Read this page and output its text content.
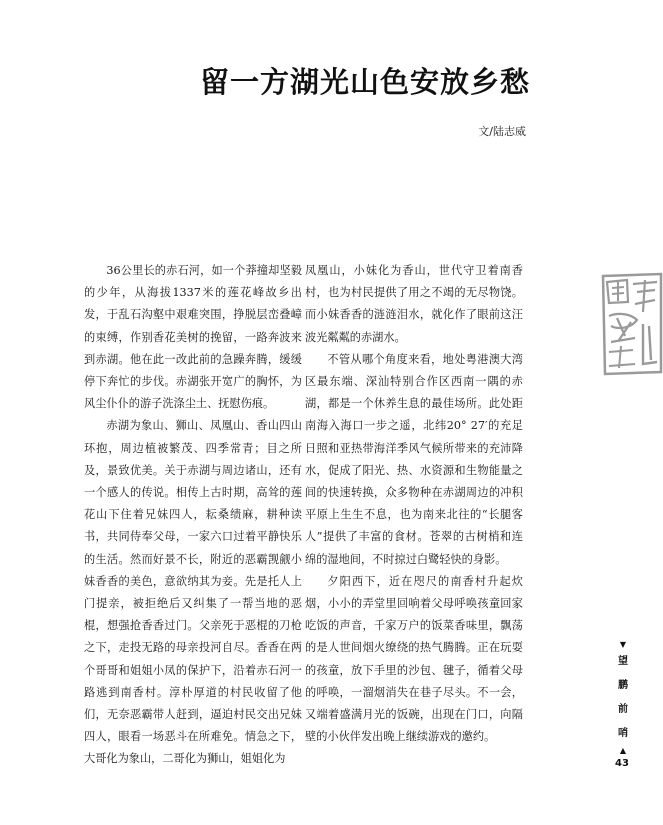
留一方湖光山色安放乡愁
文/陆志威

36公里长的赤石河，如一个莽撞却坚毅的少年，从海拔1337米的莲花峰故乡出发，于乱石沟壑中艰难突围，挣脱层峦叠嶂的束缚，作别香花美树的挽留，一路奔波来到赤湖。他在此一改此前的急躁奔腾，缓缓停下奔忙的步伐。赤湖张开宽广的胸怀，为风尘仆仆的游子洗涤尘土、抚慰伤痕。

赤湖为象山、狮山、凤凰山、香山四山环抱，周边植被繁茂、四季常青；目之所及，景致优美。关于赤湖与周边诸山，还有一个感人的传说。相传上古时期，高耸的莲花山下住着兄妹四人，耘桑绩麻，耕种读书，共同侍奉父母，一家六口过着平静快乐的生活。然而好景不长，附近的恶霸觊觎小妹香香的美色，意欲纳其为妾。先是托人上门提亲，被拒绝后又纠集了一帮当地的恶棍，想强抢香香过门。父亲死于恶棍的刀枪之下，走投无路的母亲投河自尽。香香在两个哥哥和姐姐小凤的保护下，沿着赤石河一路逃到南香村。淳朴厚道的村民收留了他们，无奈恶霸带人赶到，逼迫村民交出兄妹四人，眼看一场恶斗在所难免。情急之下，大哥化为象山，二哥化为狮山，姐姐化为

凤凰山，小妹化为香山，世代守卫着南香村，也为村民提供了用之不竭的无尽物饶。而小妹香香的涟涟泪水，就化作了眼前这汪波光粼粼的赤湖水。

不管从哪个角度来看，地处粤港澳大湾区最东端、深汕特别合作区西南一隅的赤湖，都是一个休养生息的最佳场所。此处距南海入海口一步之遥，北纬20° 27′的充足日照和亚热带海洋季风气候所带来的充沛降水，促成了阳光、热、水资源和生物能量之间的快速转换，众多物种在赤湖周边的冲积平原上生生不息，也为南来北往的“长腿客人”提供了丰富的食材。苍翠的古树梢和连绵的湿地间，不时掠过白鹭轻快的身影。

夕阳西下，近在咫尺的南香村升起炊烟，小小的弄堂里回响着父母呼唤孩童回家吃饭的声音，千家万户的饭菜香味里，飘荡的是人世间烟火缭绕的热气腾腾。正在玩耍的孩童，放下手里的沙包、毽子，循着父母的呼唤，一溜烟消失在巷子尽头。不一会，又端着盛满月光的饭碗，出现在门口，向隔壁的小伙伴发出晚上继续游戏的邀约。

▼
望
鹏
前
哨
▲
43
